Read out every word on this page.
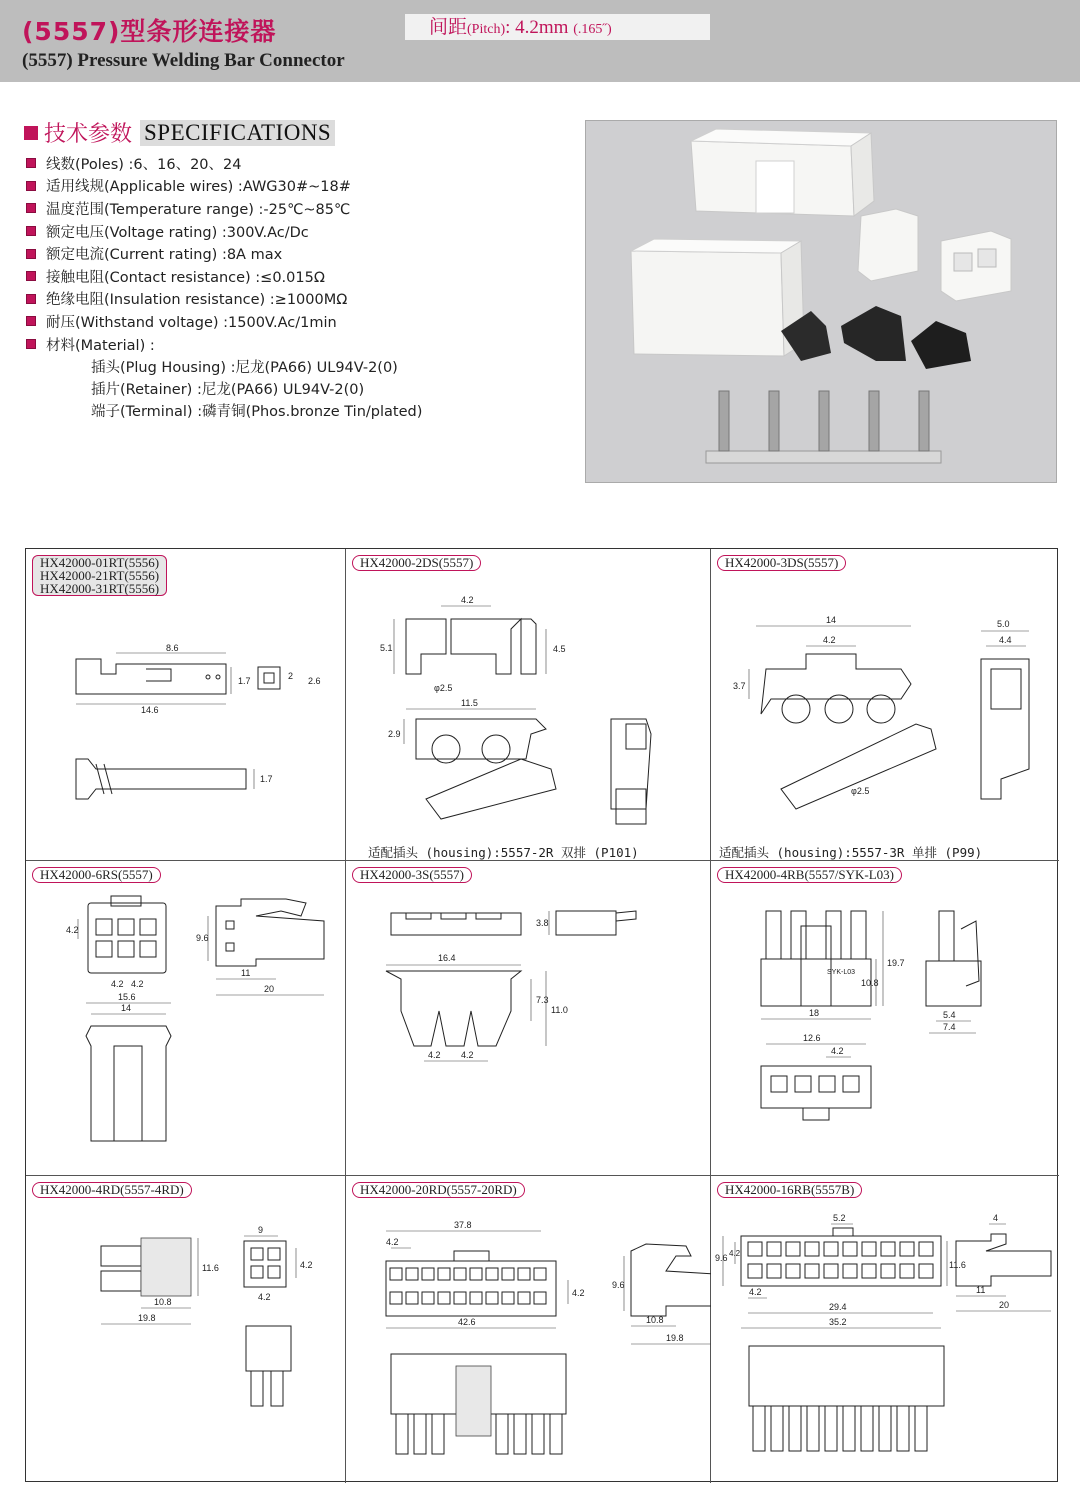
(5557)型条形连接器
(5557) Pressure Welding Bar Connector
间距(Pitch): 4.2mm (.165˝)
技术参数 SPECIFICATIONS
线数(Poles) :6、16、20、24
适用线规(Applicable wires) :AWG30#~18#
温度范围(Temperature range) :-25℃~85℃
额定电压(Voltage rating) :300V.Ac/Dc
额定电流(Current rating) :8A max
接触电阻(Contact resistance) :≤0.015Ω
绝缘电阻(Insulation resistance) :≥1000MΩ
耐压(Withstand voltage) :1500V.Ac/1min
材料(Material) :
插头(Plug Housing) :尼龙(PA66) UL94V-2(0)
插片(Retainer) :尼龙(PA66) UL94V-2(0)
端子(Terminal) :磷青铜(Phos.bronze Tin/plated)
HX42000-01RT(5556)
HX42000-21RT(5556)
HX42000-31RT(5556)
8.6
14.6
1.7	2 2.6
1.7
HX42000-2DS(5557)
4.2
5.1	4.5
φ2.5
11.5
2.9
适配插头 (housing):5557-2R 双排 (P101)
HX42000-3DS(5557)
14
4.2
3.7
φ2.5
5.0
4.4
适配插头 (housing):5557-3R 单排 (P99)
HX42000-6RS(5557)
4.2
4.2 4.2
9.6
11
20
15.6
14
HX42000-3S(5557)
3.8
16.4
7.3
11.0
4.2 4.2
HX42000-4RB(5557/SYK-L03)
SYK-L03
19.7
10.8
18	5.4
7.4
12.6
4.2
HX42000-4RD(5557-4RD)
11.6
10.8
19.8
9
4.2
4.2
HX42000-20RD(5557-20RD)
37.8
4.2
4.2
42.6
9.6
10.8
19.8
HX42000-16RB(5557B)
5.2
9.6 4.2
4.2
29.4
35.2
4
11.6
11
20
